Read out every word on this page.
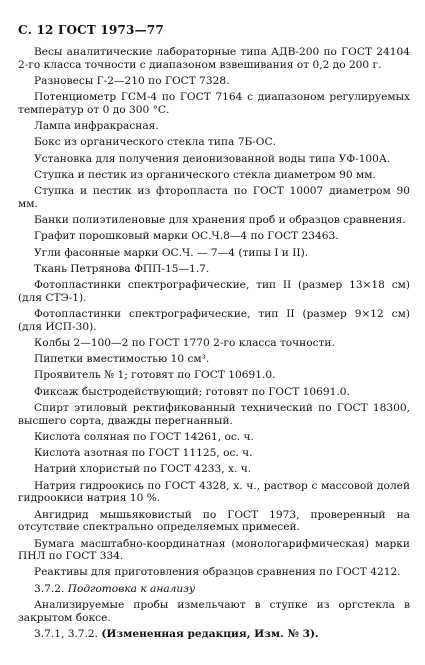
С. 12 ГОСТ 1973—77

Весы аналитические лабораторные типа АДВ-200 по ГОСТ 24104 2-го класса точности с диапазоном взвешивания от 0,2 до 200 г.

Разновесы Г-2—210 по ГОСТ 7328.

Потенциометр ГСМ-4 по ГОСТ 7164 с диапазоном регулируемых температур от 0 до 300 °С.

Лампа инфракрасная.

Бокс из органического стекла типа 7Б-ОС.

Установка для получения деионизованной воды типа УФ-100А.

Ступка и пестик из органического стекла диаметром 90 мм.

Ступка и пестик из фторопласта по ГОСТ 10007 диаметром 90 мм.

Банки полиэтиленовые для хранения проб и образцов сравнения.

Графит порошковый марки ОС.Ч.8—4 по ГОСТ 23463.

Угли фасонные марки ОС.Ч. — 7—4 (типы I и II).

Ткань Петрянова ФПП-15—1.7.

Фотопластинки спектрографические, тип II (размер 13×18 см) (для СТЭ-1).

Фотопластинки спектрографические, тип II (размер 9×12 см) (для ИСП-30).

Колбы 2—100—2 по ГОСТ 1770 2-го класса точности.

Пипетки вместимостью 10 см³.

Проявитель № 1; готовят по ГОСТ 10691.0.

Фиксаж быстродействующий; готовят по ГОСТ 10691.0.

Спирт этиловый ректификованный технический по ГОСТ 18300, высшего сорта, дважды перегнанный.

Кислота соляная по ГОСТ 14261, ос. ч.

Кислота азотная по ГОСТ 11125, ос. ч.

Натрий хлористый по ГОСТ 4233, х. ч.

Натрия гидроокись по ГОСТ 4328, х. ч., раствор с массовой долей гидроокиси натрия 10 %.

Ангидрид мышьяковистый по ГОСТ 1973, проверенный на отсутствие спектрально определяемых примесей.

Бумага масштабно-координатная (монологарифмическая) марки ПНЛ по ГОСТ 334.

Реактивы для приготовления образцов сравнения по ГОСТ 4212.

3.7.2. Подготовка к анализу

Анализируемые пробы измельчают в ступке из оргстекла в закрытом боксе.

3.7.1, 3.7.2. (Измененная редакция, Изм. № 3).
